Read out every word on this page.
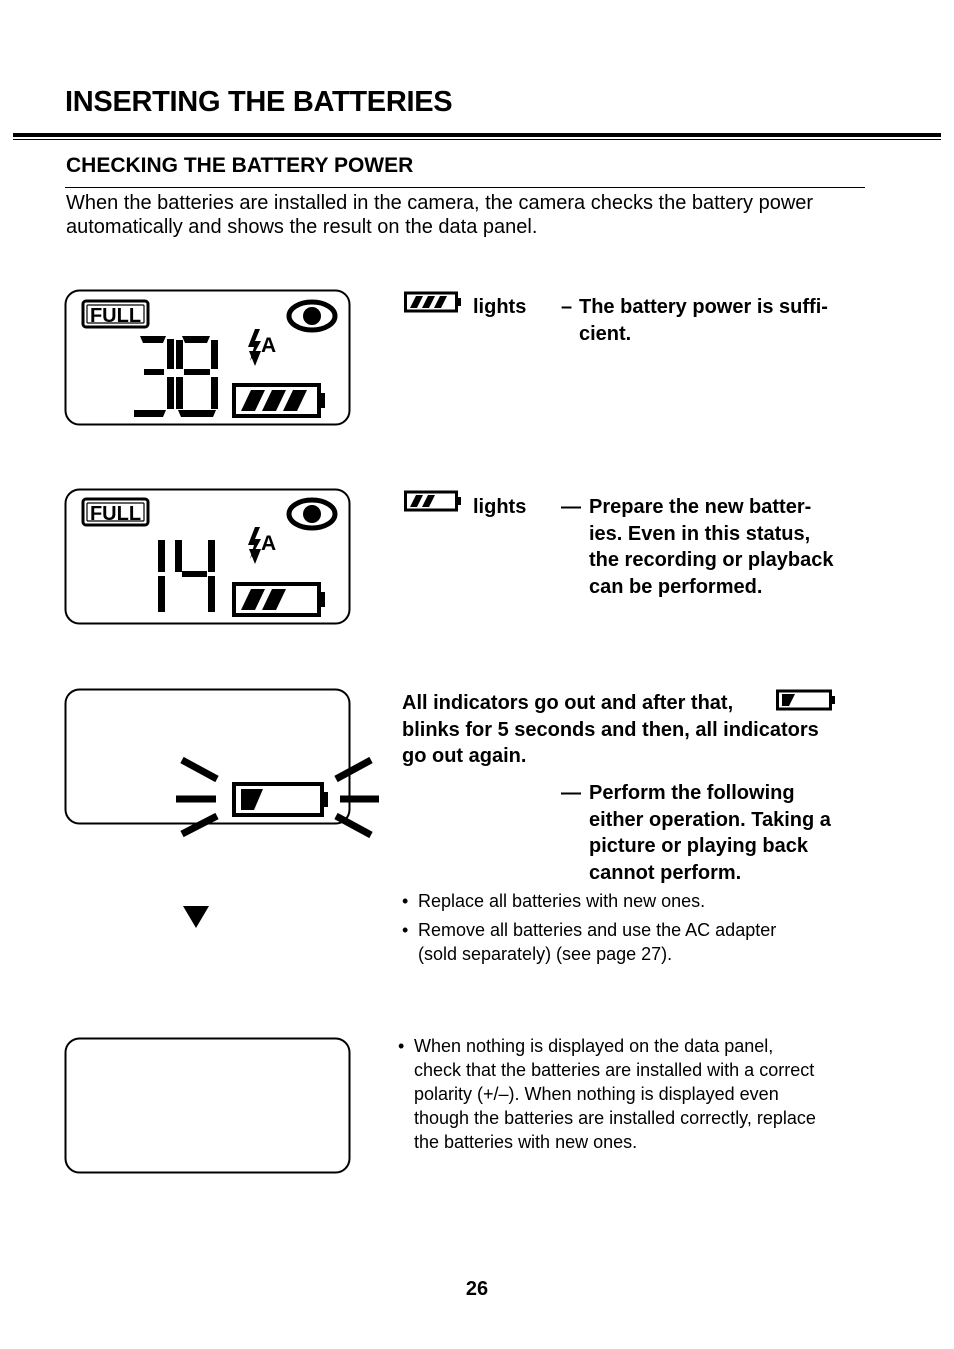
INSERTING THE BATTERIES
CHECKING THE BATTERY POWER

When the batteries are installed in the camera, the camera checks the battery power automatically and shows the result on the data panel.

FULL
A
lights – The battery power is suffi-
cient.
FULL
A
lights — Prepare the new batter-
ies. Even in this status,
the recording or playback
can be performed.
All indicators go out and after that,
blinks for 5 seconds and then, all indicators
go out again.
— Perform the following
either operation. Taking a
picture or playing back
cannot perform.
• Replace all batteries with new ones.
• Remove all batteries and use the AC adapter
(sold separately) (see page 27).
• When nothing is displayed on the data panel,
check that the batteries are installed with a correct
polarity (+/–). When nothing is displayed even
though the batteries are installed correctly, replace
the batteries with new ones.
26
